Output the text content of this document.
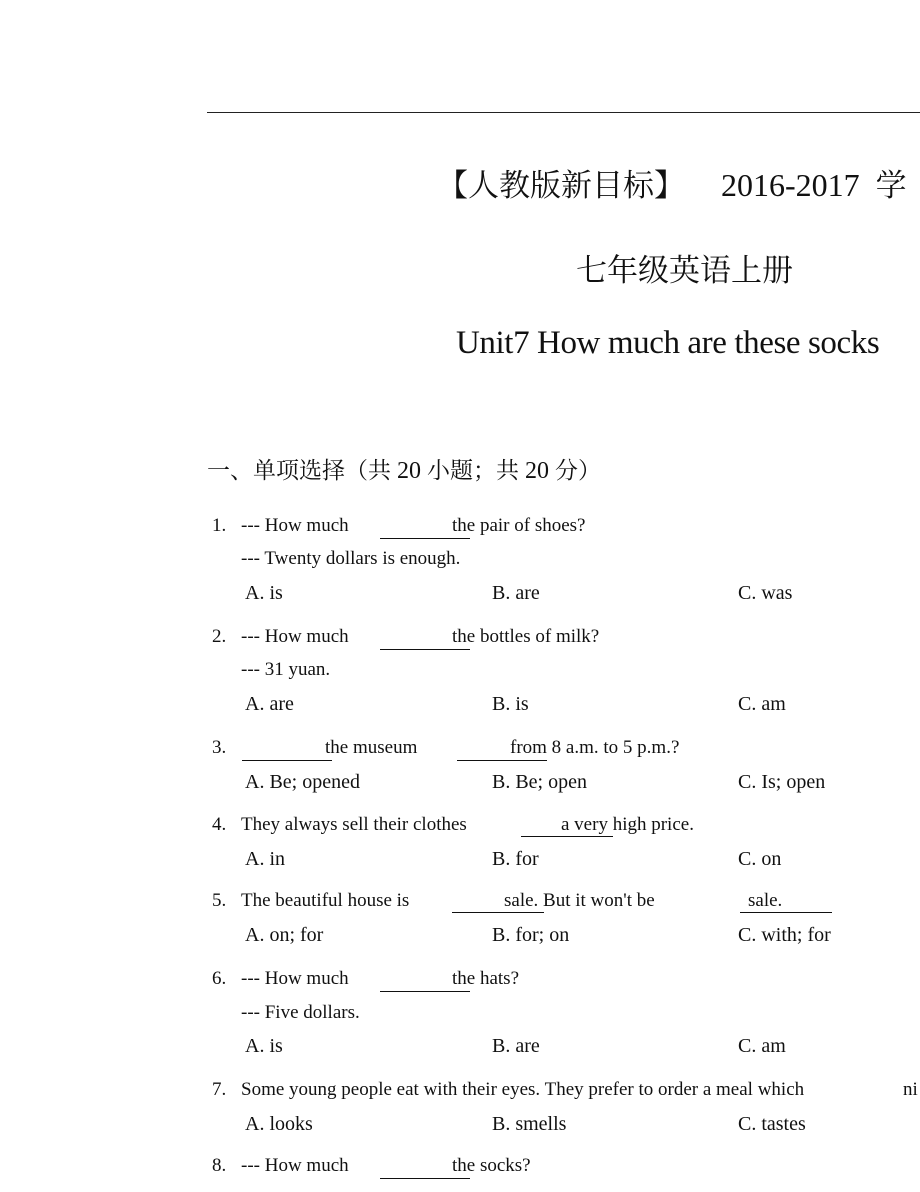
【人教版新目标】 2016-2017 学
七年级英语上册
Unit7 How much are these socks
一、单项选择（共 20 小题；共 20 分）
1. --- How much	the pair of shoes?
--- Twenty dollars is enough.
A. is	B. are	C. was
2. --- How much	the bottles of milk?
--- 31 yuan.
A. are	B. is	C. am
3.	the museum	from 8 a.m. to 5 p.m.?
A. Be; opened	B. Be; open	C. Is; open
4. They always sell their clothes	a very high price.
A. in	B. for	C. on
5. The beautiful house is	sale. But it won't be	sale.
A. on; for	B. for; on	C. with; for
6. --- How much	the hats?
--- Five dollars.
A. is	B. are	C. am
7. Some young people eat with their eyes. They prefer to order a meal which	ni
A. looks	B. smells	C. tastes
8. --- How much	the socks?
